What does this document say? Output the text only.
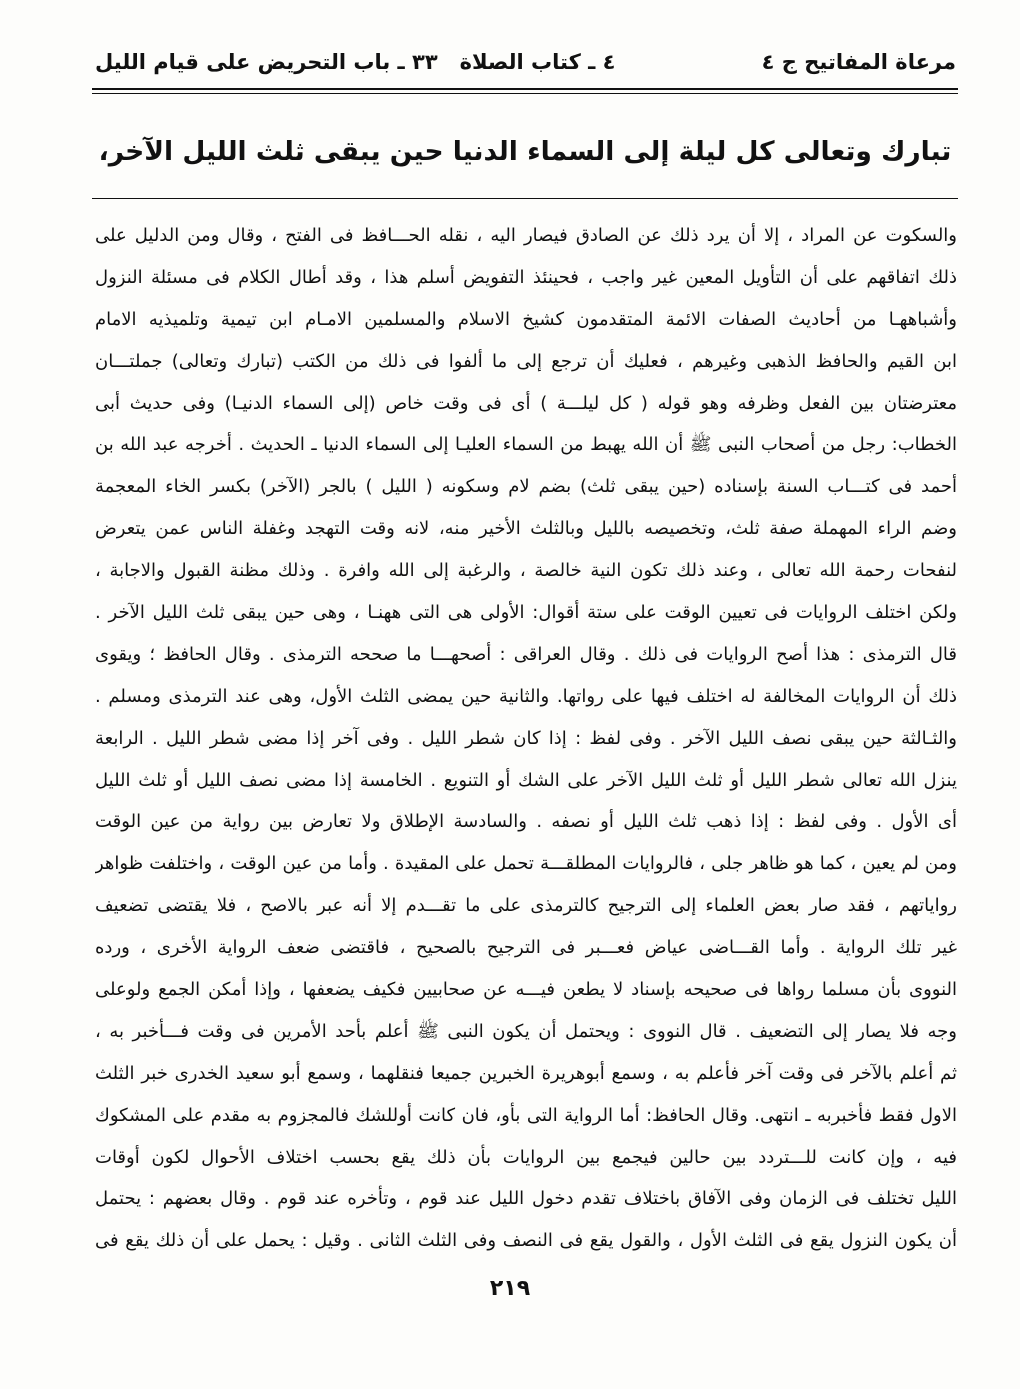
مرعاة المفاتيح ج ٤
٤ ـ كتاب الصلاة
٣٣ ـ باب التحريض على قيام الليل
تبارك وتعالى كل ليلة إلى السماء الدنيا حين يبقى ثلث الليل الآخر،
والسكوت عن المراد ، إلا أن يرد ذلك عن الصادق فيصار اليه ، نقله الحـــافظ فى الفتح ، وقال ومن الدليل على
ذلك اتفاقهم على أن التأويل المعين غير واجب ، فحينئذ التفويض أسلم هذا ، وقد أطال الكلام فى مسئلة النزول
وأشباههـا من أحاديث الصفات الائمة المتقدمون كشيخ الاسلام والمسلمين الامـام ابن تيمية وتلميذيه الامام
ابن القيم والحافظ الذهبى وغيرهم ، فعليك أن ترجع إلى ما ألفوا فى ذلك من الكتب (تبارك وتعالى) جملتـــان
معترضتان بين الفعل وظرفه وهو قوله ( كل ليلـــة ) أى فى وقت خاص (إلى السماء الدنيـا) وفى حديث أبى
الخطاب: رجل من أصحاب النبى ﷺ أن الله يهبط من السماء العليـا إلى السماء الدنيا ـ الحديث . أخرجه عبد الله بن
أحمد فى كتـــاب السنة بإسناده (حين يبقى ثلث) بضم لام وسكونه ( الليل ) بالجر (الآخر) بكسر الخاء المعجمة
وضم الراء المهملة صفة ثلث، وتخصيصه بالليل وبالثلث الأخير منه، لانه وقت التهجد وغفلة الناس عمن يتعرض
لنفحات رحمة الله تعالى ، وعند ذلك تكون النية خالصة ، والرغبة إلى الله وافرة . وذلك مظنة القبول والاجابة ،
ولكن اختلف الروايات فى تعيين الوقت على ستة أقوال: الأولى هى التى ههنـا ، وهى حين يبقى ثلث الليل الآخر .
قال الترمذى : هذا أصح الروايات فى ذلك . وقال العراقى : أصحهـــا ما صححه الترمذى . وقال الحافظ ؛ ويقوى
ذلك أن الروايات المخالفة له اختلف فيها على رواتها. والثانية حين يمضى الثلث الأول، وهى عند الترمذى ومسلم .
والثـالثة حين يبقى نصف الليل الآخر . وفى لفظ : إذا كان شطر الليل . وفى آخر إذا مضى شطر الليل . الرابعة
ينزل الله تعالى شطر الليل أو ثلث الليل الآخر على الشك أو التنويع . الخامسة إذا مضى نصف الليل أو ثلث الليل
أى الأول . وفى لفظ : إذا ذهب ثلث الليل أو نصفه . والسادسة الإطلاق ولا تعارض بين رواية من عين الوقت
ومن لم يعين ، كما هو ظاهر جلى ، فالروايات المطلقـــة تحمل على المقيدة . وأما من عين الوقت ، واختلفت ظواهر
رواياتهم ، فقد صار بعض العلماء إلى الترجيح كالترمذى على ما تقـــدم إلا أنه عبر بالاصح ، فلا يقتضى تضعيف
غير تلك الرواية . وأما القـــاضى عياض فعـــبر فى الترجيح بالصحيح ، فاقتضى ضعف الرواية الأخرى ، ورده
النووى بأن مسلما رواها فى صحيحه بإسناد لا يطعن فيـــه عن صحابيين فكيف يضعفها ، وإذا أمكن الجمع ولوعلى
وجه فلا يصار إلى التضعيف . قال النووى : ويحتمل أن يكون النبى ﷺ أعلم بأحد الأمرين فى وقت فـــأخبر به ،
ثم أعلم بالآخر فى وقت آخر فأعلم به ، وسمع أبوهريرة الخبرين جميعا فنقلهما ، وسمع أبو سعيد الخدرى خبر الثلث
الاول فقط فأخبربه ـ انتهى. وقال الحافظ: أما الرواية التى بأو، فان كانت أوللشك فالمجزوم به مقدم على المشكوك
فيه ، وإن كانت للـــتردد بين حالين فيجمع بين الروايات بأن ذلك يقع بحسب اختلاف الأحوال لكون أوقات
الليل تختلف فى الزمان وفى الآفاق باختلاف تقدم دخول الليل عند قوم ، وتأخره عند قوم . وقال بعضهم : يحتمل
أن يكون النزول يقع فى الثلث الأول ، والقول يقع فى النصف وفى الثلث الثانى . وقيل : يحمل على أن ذلك يقع فى
٢١٩
